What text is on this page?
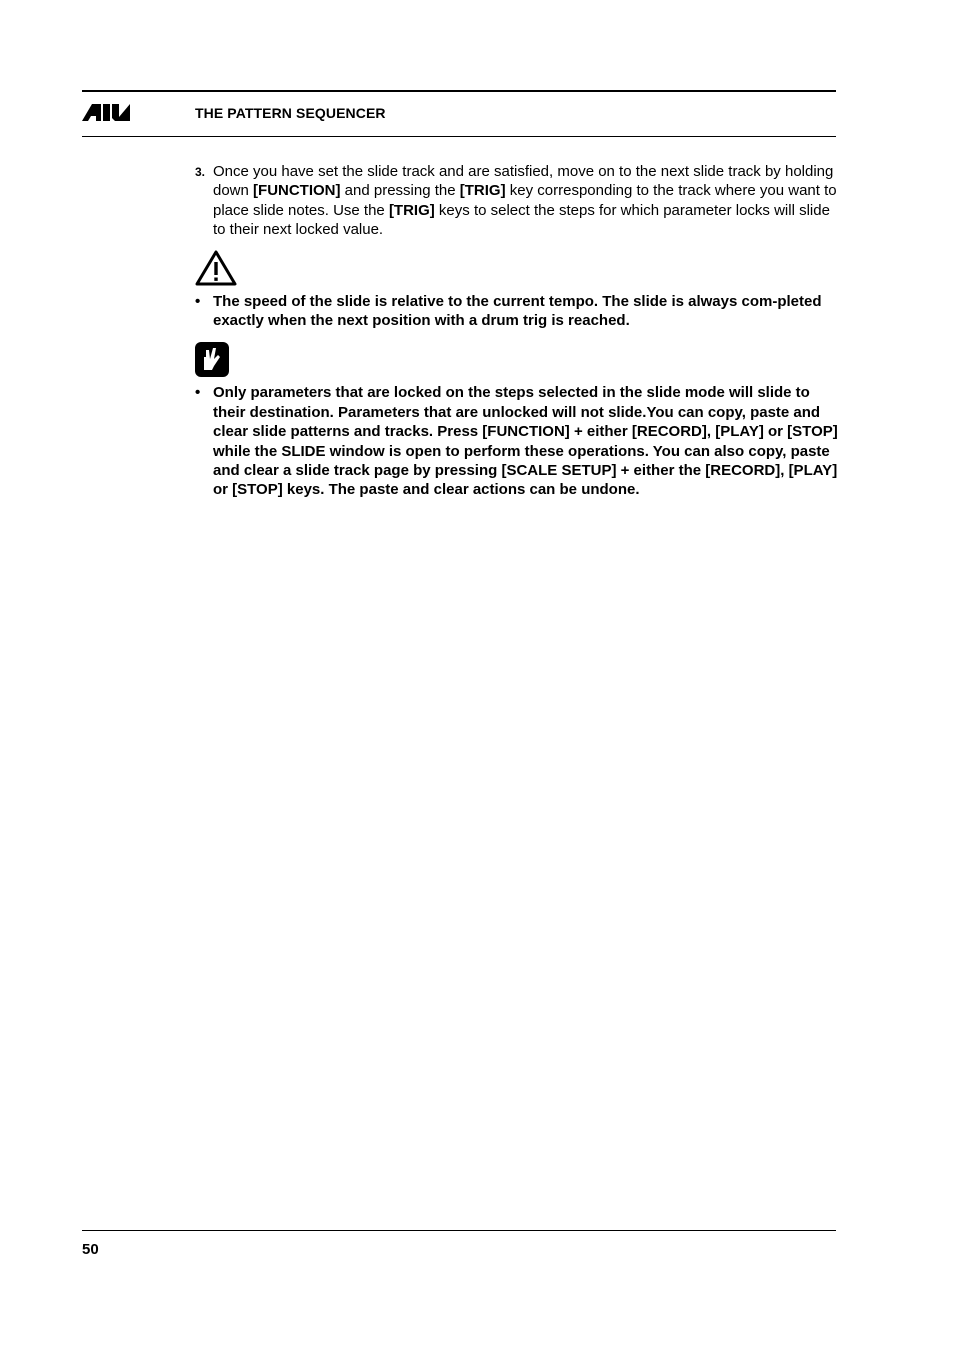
THE PATTERN SEQUENCER
3. Once you have set the slide track and are satisfied, move on to the next slide track by holding down [FUNCTION] and pressing the [TRIG] key corresponding to the track where you want to place slide notes. Use the [TRIG] keys to select the steps for which parameter locks will slide to their next locked value.
• The speed of the slide is relative to the current tempo. The slide is always com-pleted exactly when the next position with a drum trig is reached.
• Only parameters that are locked on the steps selected in the slide mode will slide to their destination. Parameters that are unlocked will not slide.You can copy, paste and clear slide patterns and tracks. Press [FUNCTION] + either [RECORD], [PLAY] or [STOP] while the SLIDE window is open to perform these operations. You can also copy, paste and clear a slide track page by pressing [SCALE SETUP] + either the [RECORD], [PLAY] or [STOP] keys. The paste and clear actions can be undone.
50
